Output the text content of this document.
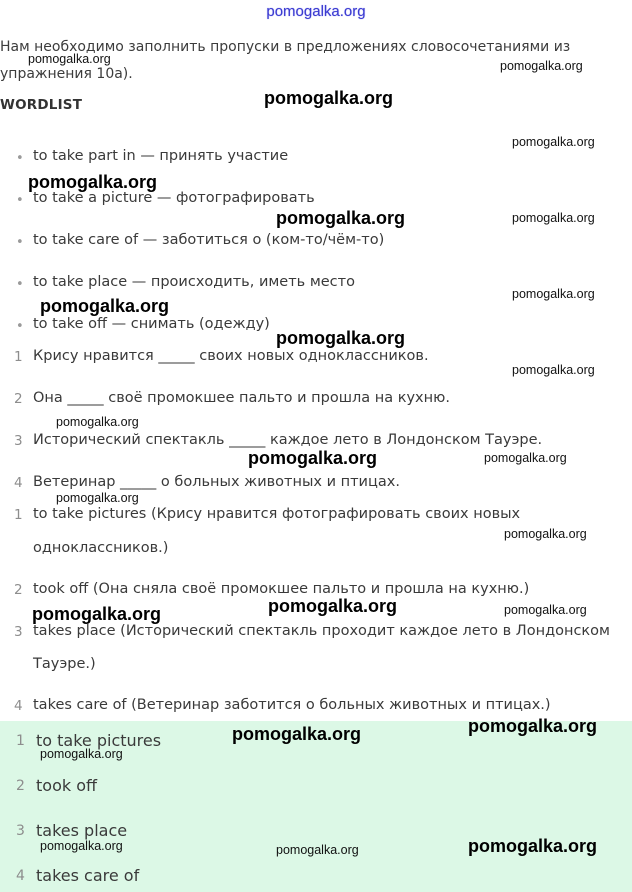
pomogalka.org
Нам необходимо заполнить пропуски в предложениях словосочетаниями из упражнения 10а).
WORDLIST
• to take part in — принять участие
• to take a picture — фотографировать
• to take care of — заботиться о (ком-то/чём-то)
• to take place — происходить, иметь место
• to take off — снимать (одежду)
1 Крису нравится _____ своих новых одноклассников.
2 Она _____ своё промокшее пальто и прошла на кухню.
3 Исторический спектакль _____ каждое лето в Лондонском Тауэре.
4 Ветеринар _____ о больных животных и птицах.
1 to take pictures (Крису нравится фотографировать своих новых
одноклассников.)
2 took off (Она сняла своё промокшее пальто и прошла на кухню.)
3 takes place (Исторический спектакль проходит каждое лето в Лондонском
Тауэре.)
4 takes care of (Ветеринар заботится о больных животных и птицах.)
1 to take pictures
2 took off
3 takes place
4 takes care of
pomogalka.org	pomogalka.org
pomogalka.org
pomogalka.org
pomogalka.org
pomogalka.org	pomogalka.org
pomogalka.org
pomogalka.org
pomogalka.org
pomogalka.org
pomogalka.org
pomogalka.org	pomogalka.org
pomogalka.org
pomogalka.org
pomogalka.org	pomogalka.org
pomogalka.org
pomogalka.org
pomogalka.org
pomogalka.org
pomogalka.org	pomogalka.org
pomogalka.org
